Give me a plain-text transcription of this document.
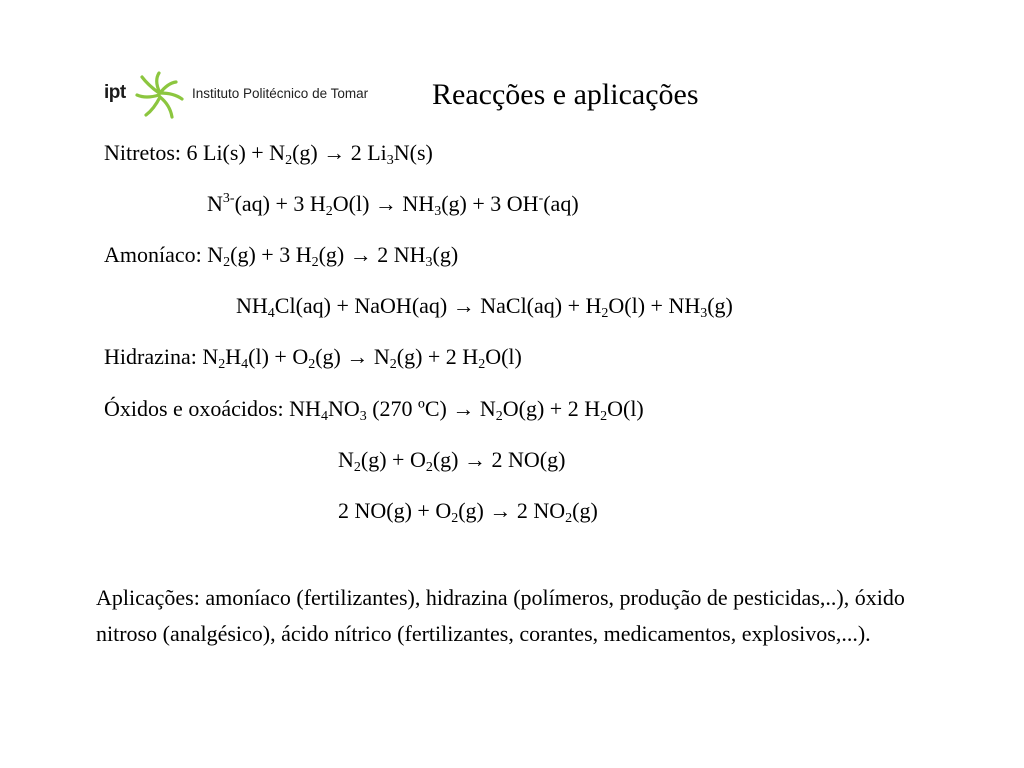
ipt	Instituto Politécnico de Tomar Reacções e aplicações
Nitretos: 6 $Li(s) + N_2(g) \to 2$ $Li_3N(s)$
$N^{3-}(aq) + 3$ $H_2O(l) \to NH_3(g) + 3$ OH-(aq)
Amoníaco: $N_2(g) + 3$ $H_2(g) \to 2$ $NH_3(g)$
$NH_4Cl(aq)$ + NaOH(aq) → NaCl(aq) + $H_2O(l) + NH_3(g)$
Hidrazina: $N_2H_4(l) + O_2(g) \to N_2(g) + 2$ $H_2O(l)$
Óxidos e oxoácidos: $NH_4NO_3$ (270 ºC) → $N_2O(g) + 2$ $H_2O(l)$
$N_2(g) + O_2(g) \to 2$ NO(g)
2 $NO(g) + O_2(g) \to 2$ $NO_2(g)$
Aplicações: amoníaco (fertilizantes), hidrazina (polímeros, produção de pesticidas,..), óxido nitroso (analgésico), ácido nítrico (fertilizantes, corantes, medicamentos, explosivos,...).
